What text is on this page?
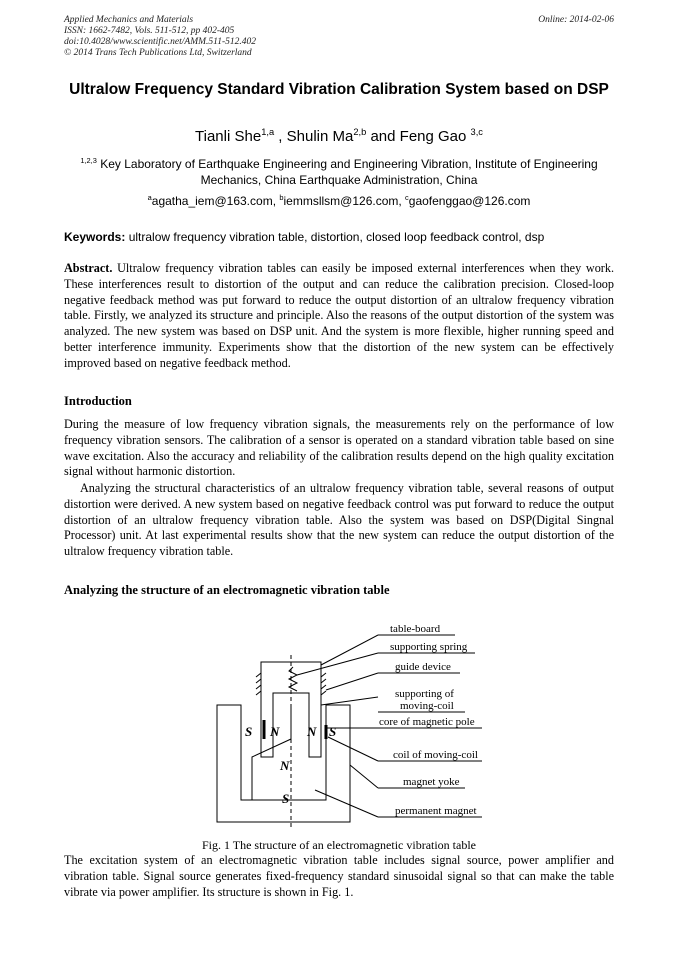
Applied Mechanics and Materials
ISSN: 1662-7482, Vols. 511-512, pp 402-405
doi:10.4028/www.scientific.net/AMM.511-512.402
© 2014 Trans Tech Publications Ltd, Switzerland
Online: 2014-02-06
Ultralow Frequency Standard Vibration Calibration System based on DSP
Tianli She$^{1,a}$ , Shulin Ma$^{2,b}$ and Feng Gao $^{3,c}$
$^{1,2,3}$ Key Laboratory of Earthquake Engineering and Engineering Vibration, Institute of Engineering Mechanics, China Earthquake Administration, China
$^a$agatha_iem@163.com, $^b$iemmsllsm@126.com, $^c$gaofenggao@126.com
Keywords: ultralow frequency vibration table, distortion, closed loop feedback control, dsp
Abstract. Ultralow frequency vibration tables can easily be imposed external interferences when they work. These interferences result to distortion of the output and can reduce the calibration precision. Closed-loop negative feedback method was put forward to reduce the output distortion of an ultralow frequency vibration table. Firstly, we analyzed its structure and principle. Also the reasons of the output distortion of the system was analyzed. The new system was based on DSP unit. And the system is more flexible, higher running speed and better interference immunity. Experiments show that the distortion of the new system can be effectively improved based on negative feedback method.
Introduction
During the measure of low frequency vibration signals, the measurements rely on the performance of low frequency vibration sensors. The calibration of a sensor is operated on a standard vibration table based on sine wave excitation. Also the accuracy and reliability of the calibration results depend on the high quality excitation signal without harmonic distortion.
Analyzing the structural characteristics of an ultralow frequency vibration table, several reasons of output distortion were derived. A new system based on negative feedback control was put forward to reduce the output distortion of an ultralow frequency vibration table. Also the system was based on DSP(Digital Singnal Processor) unit. At last experimental results show that the new system can reduce the output distortion of the ultralow frequency vibration table.
Analyzing the structure of an electromagnetic vibration table
table-board
supporting spring
guide device
supporting of
moving-coil
core of magnetic pole
coil of moving-coil
magnet yoke
permanent magnet
S N N S
N
S
Fig. 1 The structure of an electromagnetic vibration table
The excitation system of an electromagnetic vibration table includes signal source, power amplifier and vibration table. Signal source generates fixed-frequency standard sinusoidal signal so that can make the table vibrate via power amplifier. Its structure is shown in Fig. 1.
